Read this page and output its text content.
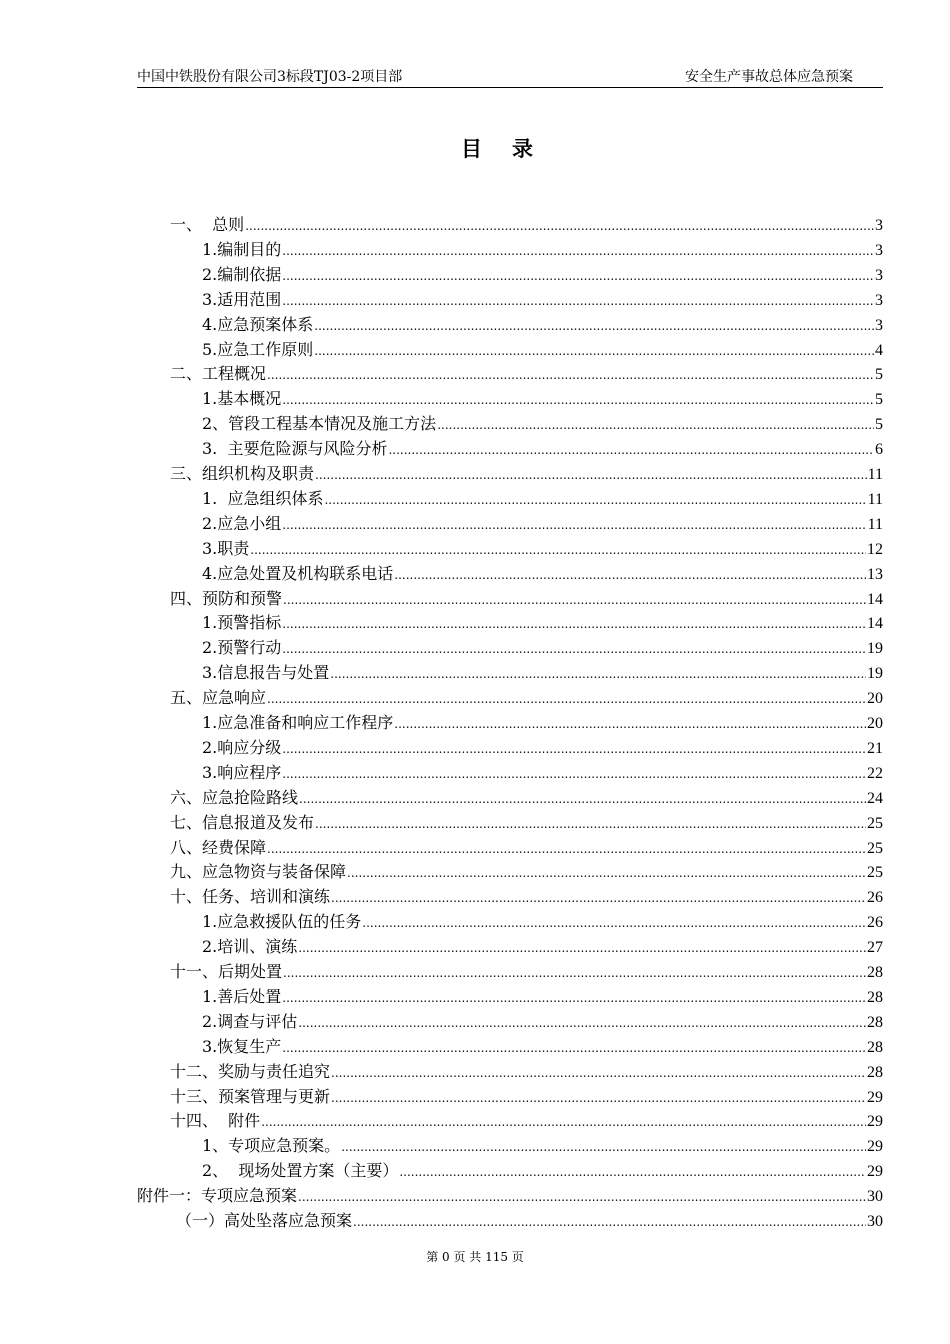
中国中铁股份有限公司3标段TJ03-2项目部	安全生产事故总体应急预案
目录
一、  总则 .....	3
1.编制目的 .....	3
2.编制依据 .....	3
3.适用范围 .....	3
4.应急预案体系 .....	3
5.应急工作原则 .....	4
二、工程概况 .....	5
1.基本概况 .....	5
2、管段工程基本情况及施工方法 .....	5
3.  主要危险源与风险分析 .....	6
三、组织机构及职责 .....	11
1.  应急组织体系 .....	11
2.应急小组 .....	11
3.职责 .....	12
4.应急处置及机构联系电话 .....	13
四、预防和预警 .....	14
1.预警指标 .....	14
2.预警行动 .....	19
3.信息报告与处置 .....	19
五、应急响应 .....	20
1.应急准备和响应工作程序 .....	20
2.响应分级 .....	21
3.响应程序 .....	22
六、应急抢险路线 .....	24
七、信息报道及发布 .....	25
八、经费保障 .....	25
九、应急物资与装备保障 .....	25
十、任务、培训和演练 .....	26
1.应急救援队伍的任务 .....	26
2.培训、演练 .....	27
十一、后期处置 .....	28
1.善后处置 .....	28
2.调查与评估 .....	28
3.恢复生产 .....	28
十二、奖励与责任追究 .....	28
十三、预案管理与更新 .....	29
十四、  附件 .....	29
1、专项应急预案。 .....	29
2、  现场处置方案（主要） .....	29
附件一：专项应急预案 .....	30
（一）高处坠落应急预案 .....	30
第 0 页 共 115 页
